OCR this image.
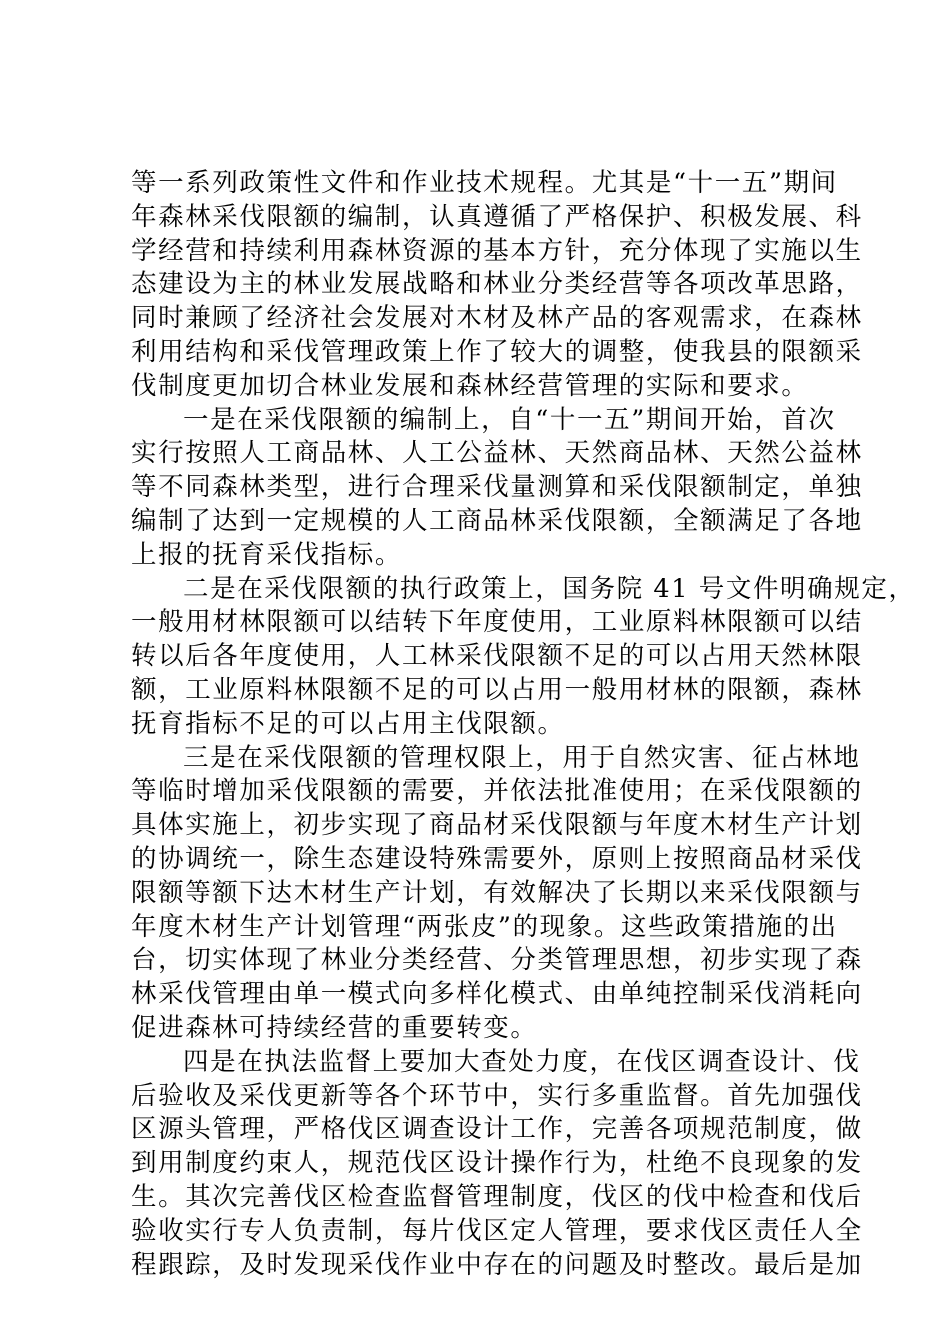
等一系列政策性文件和作业技术规程。尤其是“十一五”期间
年森林采伐限额的编制，认真遵循了严格保护、积极发展、科
学经营和持续利用森林资源的基本方针，充分体现了实施以生
态建设为主的林业发展战略和林业分类经营等各项改革思路，
同时兼顾了经济社会发展对木材及林产品的客观需求，在森林
利用结构和采伐管理政策上作了较大的调整，使我县的限额采
伐制度更加切合林业发展和森林经营管理的实际和要求。
一是在采伐限额的编制上，自“十一五”期间开始，首次
实行按照人工商品林、人工公益林、天然商品林、天然公益林
等不同森林类型，进行合理采伐量测算和采伐限额制定，单独
编制了达到一定规模的人工商品林采伐限额，全额满足了各地
上报的抚育采伐指标。
二是在采伐限额的执行政策上，国务院 41 号文件明确规定，
一般用材林限额可以结转下年度使用，工业原料林限额可以结
转以后各年度使用，人工林采伐限额不足的可以占用天然林限
额，工业原料林限额不足的可以占用一般用材林的限额，森林
抚育指标不足的可以占用主伐限额。
三是在采伐限额的管理权限上，用于自然灾害、征占林地
等临时增加采伐限额的需要，并依法批准使用；在采伐限额的
具体实施上，初步实现了商品材采伐限额与年度木材生产计划
的协调统一，除生态建设特殊需要外，原则上按照商品材采伐
限额等额下达木材生产计划，有效解决了长期以来采伐限额与
年度木材生产计划管理“两张皮”的现象。这些政策措施的出
台，切实体现了林业分类经营、分类管理思想，初步实现了森
林采伐管理由单一模式向多样化模式、由单纯控制采伐消耗向
促进森林可持续经营的重要转变。
四是在执法监督上要加大查处力度，在伐区调查设计、伐
后验收及采伐更新等各个环节中，实行多重监督。首先加强伐
区源头管理，严格伐区调查设计工作，完善各项规范制度，做
到用制度约束人，规范伐区设计操作行为，杜绝不良现象的发
生。其次完善伐区检查监督管理制度，伐区的伐中检查和伐后
验收实行专人负责制，每片伐区定人管理，要求伐区责任人全
程跟踪，及时发现采伐作业中存在的问题及时整改。最后是加
